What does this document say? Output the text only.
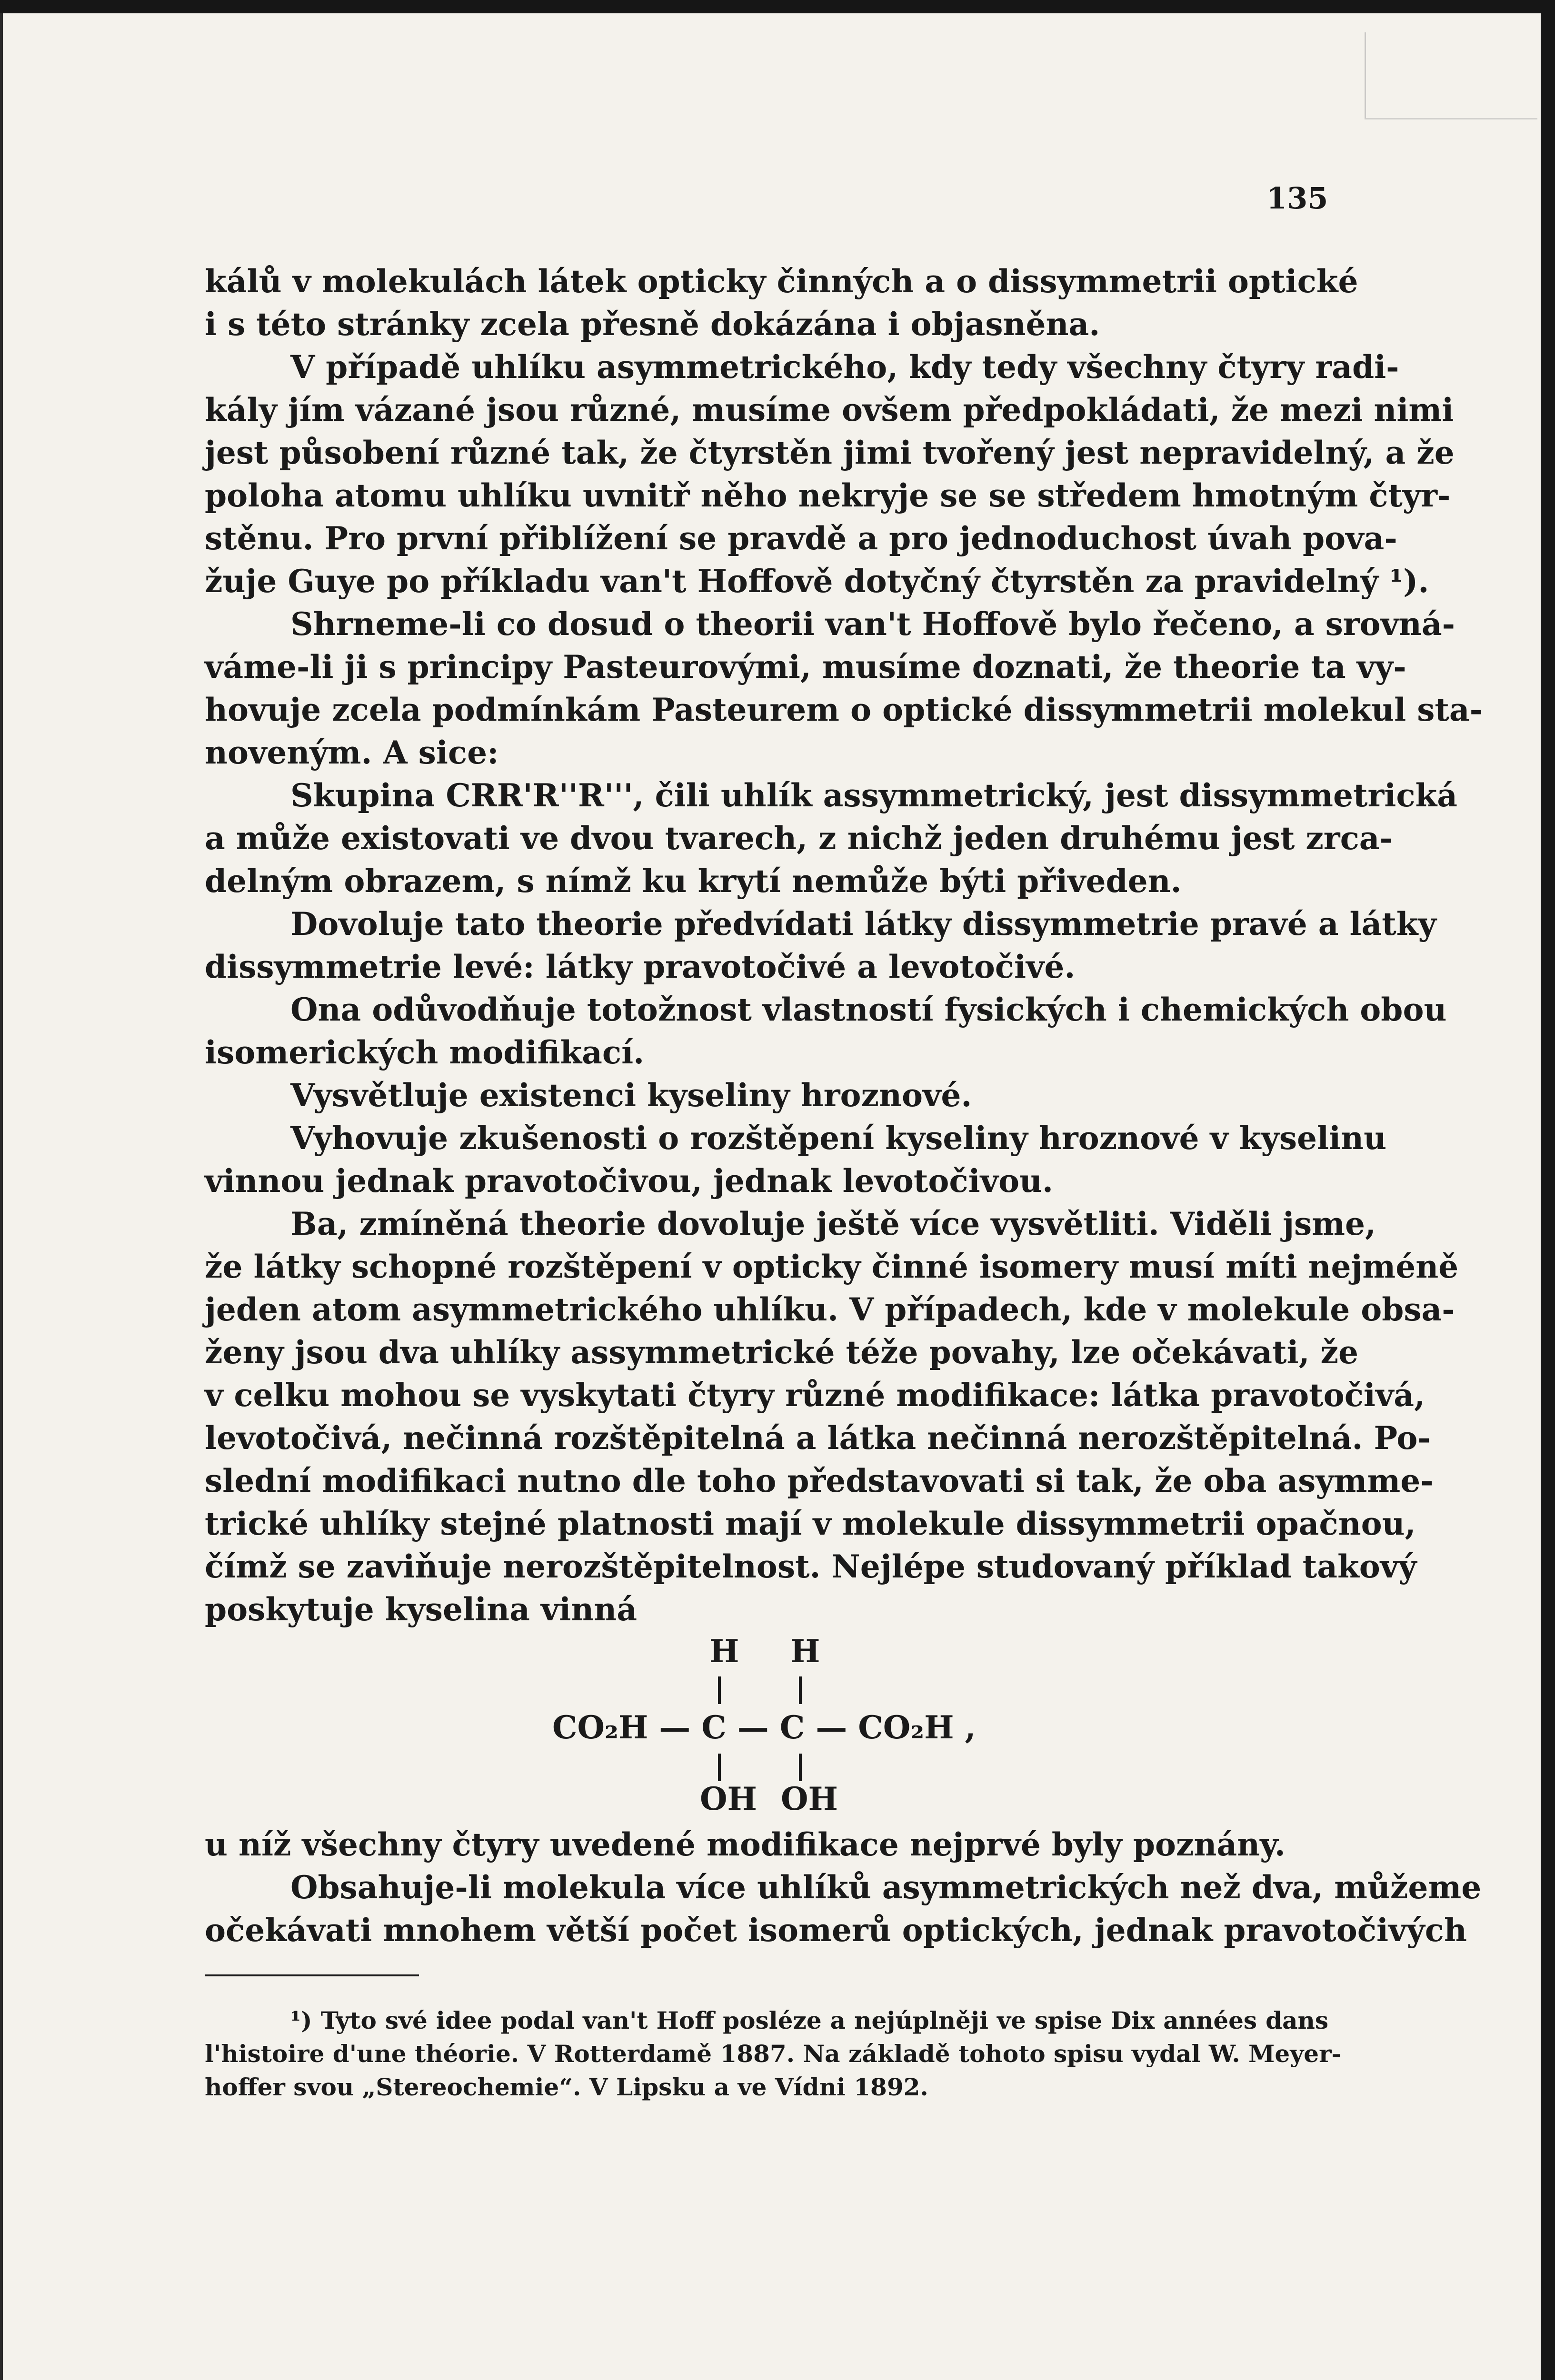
135
kálů v molekulách látek opticky činných a o dissymmetrii optické
i s této stránky zcela přesně dokázána i objasněna.
V případě uhlíku asymmetrického, kdy tedy všechny čtyry radi-
kály jím vázané jsou různé, musíme ovšem předpokládati, že mezi nimi
jest působení různé tak, že čtyrstěn jimi tvořený jest nepravidelný, a že
poloha atomu uhlíku uvnitř něho nekryje se se středem hmotným čtyr-
stěnu. Pro první přiblížení se pravdě a pro jednoduchost úvah pova-
žuje Guye po příkladu van't Hoffově dotyčný čtyrstěn za pravidelný ¹).
Shrneme-li co dosud o theorii van't Hoffově bylo řečeno, a srovná-
váme-li ji s principy Pasteurovými, musíme doznati, že theorie ta vy-
hovuje zcela podmínkám Pasteurem o optické dissymmetrii molekul sta-
noveným. A sice:
Skupina CRR'R''R''', čili uhlík assymmetrický, jest dissymmetrická
a může existovati ve dvou tvarech, z nichž jeden druhému jest zrca-
delným obrazem, s nímž ku krytí nemůže býti přiveden.
Dovoluje tato theorie předvídati látky dissymmetrie pravé a látky
dissymmetrie levé: látky pravotočivé a levotočivé.
Ona odůvodňuje totožnost vlastností fysických i chemických obou
isomerických modifikací.
Vysvětluje existenci kyseliny hroznové.
Vyhovuje zkušenosti o rozštěpení kyseliny hroznové v kyselinu
vinnou jednak pravotočivou, jednak levotočivou.
Ba, zmíněná theorie dovoluje ještě více vysvětliti. Viděli jsme,
že látky schopné rozštěpení v opticky činné isomery musí míti nejméně
jeden atom asymmetrického uhlíku. V případech, kde v molekule obsa-
ženy jsou dva uhlíky assymmetrické téže povahy, lze očekávati, že
v celku mohou se vyskytati čtyry různé modifikace: látka pravotočivá,
levotočivá, nečinná rozštěpitelná a látka nečinná nerozštěpitelná. Po-
slední modifikaci nutno dle toho představovati si tak, že oba asymme-
trické uhlíky stejné platnosti mají v molekule dissymmetrii opačnou,
čímž se zaviňuje nerozštěpitelnost. Nejlépe studovaný příklad takový
poskytuje kyselina vinná
H H
CO₂H — C — C — CO₂H ,
OH OH
u níž všechny čtyry uvedené modifikace nejprvé byly poznány.
Obsahuje-li molekula více uhlíků asymmetrických než dva, můžeme
očekávati mnohem větší počet isomerů optických, jednak pravotočivých
¹) Tyto své idee podal van't Hoff posléze a nejúplněji ve spise Dix années dans
l'histoire d'une théorie. V Rotterdamě 1887. Na základě tohoto spisu vydal W. Meyer-
hoffer svou „Stereochemie“. V Lipsku a ve Vídni 1892.
